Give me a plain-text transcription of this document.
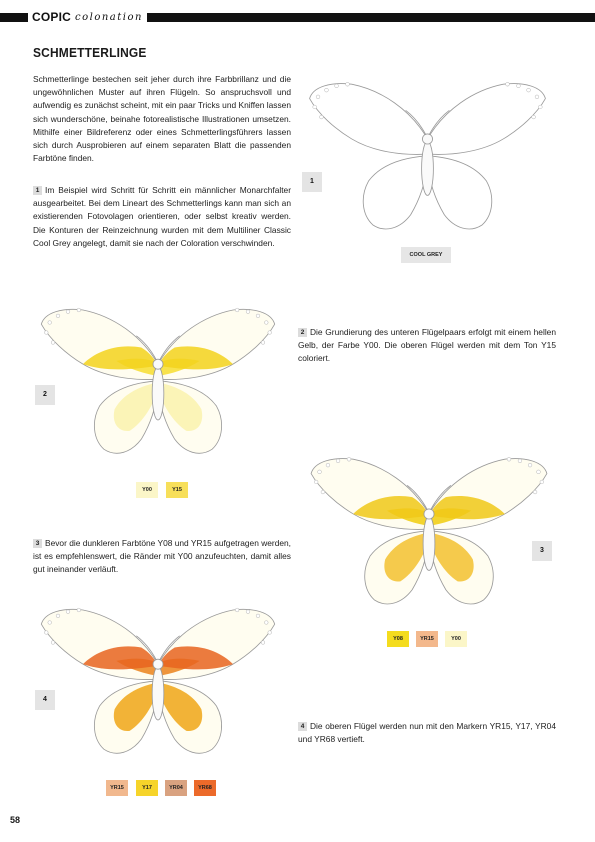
COPIC colonation
SCHMETTERLINGE
Schmetterlinge bestechen seit jeher durch ihre Farbbrillanz und die ungewöhnlichen Muster auf ihren Flügeln. So anspruchsvoll und aufwendig es zunächst scheint, mit ein paar Tricks und Kniffen lassen sich wunderschöne, beinahe fotorealistische Illustrationen umsetzen. Mithilfe einer Bildreferenz oder eines Schmetterlingsführers lassen sich durch Ausprobieren auf einem separaten Blatt die passenden Farbtöne finden.
1 Im Beispiel wird Schritt für Schritt ein männlicher Monarchfalter ausgearbeitet. Bei dem Lineart des Schmetterlings kann man sich an existierenden Fotovolagen orientieren, oder selbst kreativ werden. Die Konturen der Reinzeichnung wurden mit dem Multiliner Classic Cool Grey angelegt, damit sie nach der Coloration verschwinden.
2 Die Grundierung des unteren Flügelpaars erfolgt mit einem hellen Gelb, der Farbe Y00. Die oberen Flügel werden mit dem Ton Y15 coloriert.
3 Bevor die dunkleren Farbtöne Y08 und YR15 aufgetragen werden, ist es empfehlenswert, die Ränder mit Y00 anzufeuchten, damit alles gut ineinander verläuft.
4 Die oberen Flügel werden nun mit den Markern YR15, Y17, YR04 und YR68 vertieft.
1
2
3
4
COOL GREY
Y00	Y15
Y08	YR15	Y00
YR15	Y17	YR04	YR68
58
